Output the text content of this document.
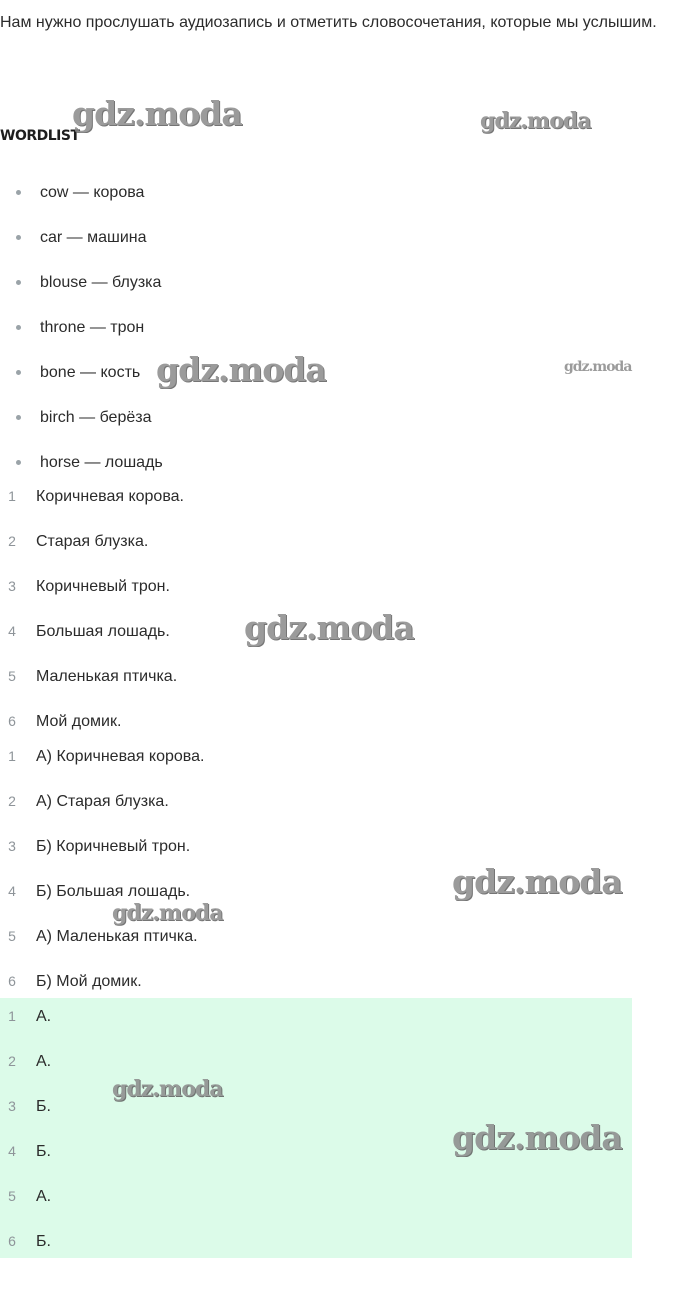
Нам нужно прослушать аудиозапись и отметить словосочетания, которые мы услышим.

WORDLIST
cow — корова
car — машина
blouse — блузка
throne — трон
bone — кость
birch — берёза
horse — лошадь
1	Коричневая корова.
2	Старая блузка.
3	Коричневый трон.
4	Большая лошадь.
5	Маленькая птичка.
6	Мой домик.
1	А) Коричневая корова.
2	А) Старая блузка.
3	Б) Коричневый трон.
4	Б) Большая лошадь.
5	А) Маленькая птичка.
6	Б) Мой домик.
1	А.
2	А.
3	Б.
4	Б.
5	А.
6	Б.
gdz.moda	gdz.moda
gdz.moda	gdz.moda
gdz.moda
gdz.moda
gdz.moda
gdz.moda
gdz.moda
